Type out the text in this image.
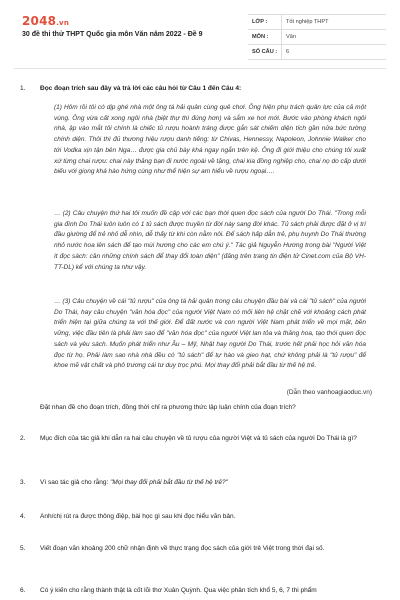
2048.vn
30 đề thi thử THPT Quốc gia môn Văn năm 2022 - Đề 9
LỚP :	Tốt nghiệp THPT
MÔN :	Văn
SỐ CÂU :	6
1.	Đọc đoạn trích sau đây và trả lời các câu hỏi từ Câu 1 đến Câu 4:
(1) Hôm rồi tôi có dịp ghé nhà một ông tá hải quân cùng quê chơi. Ông hiện phụ trách quân lực của cả một vùng. Ông vừa cất xong ngôi nhà (biệt thự thì đúng hơn) và sắm xe hơi mới. Bước vào phòng khách ngôi nhà, ập vào mắt tôi chính là chiếc tủ rượu hoành tráng được gắn sát chiếm diện tích gần nửa bức tường chính diện. Thôi thì đủ thương hiệu rượu danh tiếng: từ Chivas, Hennessy, Napoleon, Johnnie Walker cho tới Vodka xịn tận bên Nga… được gia chủ bày khá ngay ngắn trên kệ. Ông đi giới thiệu cho chúng tôi xuất xứ từng chai rượu: chai này thăng bạn đi nước ngoài về tặng, chai kia đồng nghiệp cho, chai nọ do cấp dưới biếu với giọng khá hào hứng cùng như thể hiện sự am hiểu về rượu ngoại….
… (2) Câu chuyện thứ hai tôi muốn đề cập với các bạn thời quen đọc sách của người Do Thái. "Trong mỗi gia đình Do Thái luôn luôn có 1 tủ sách được truyền từ đời này sang đời khác. Tủ sách phải được đặt ở vị trí đầu giường để trẻ nhỏ dễ nhìn, dễ thấy từ khi còn nằm nôi. Để sách hấp dẫn trẻ, phụ huynh Do Thái thường nhỏ nước hoa lên sách để tạo mùi hương cho các em chú ý." Tác giả Nguyễn Hương trong bài "Người Việt ít đọc sách: cần những chính sách để thay đổi toàn diện" (đăng trên trang tin điện tử Cinet.com của Bộ VH-TT-DL) kể với chúng ta như vậy.
… (3) Câu chuyện về cái "tủ rượu" của ông tá hải quân trong câu chuyện đầu bài và cái "tủ sách" của người Do Thái, hay câu chuyện "văn hóa đọc" của người Việt Nam có mối liên hệ chặt chẽ với khoảng cách phát triển hiện tại giữa chúng ta với thế giới. Để đất nước và con người Việt Nam phát triển về mọi mặt, bền vững, việc đầu tiên là phải làm sao để "văn hóa đọc" của người Việt lan tỏa và thăng hoa, tạo thói quen đọc sách và yêu sách. Muốn phát triển như Âu – Mỹ, Nhật hay người Do Thái, trước hết phải học hỏi văn hóa đọc từ họ. Phải làm sao nhà nhà đều có "tủ sách" để tự hào và gieo hạt, chứ không phải là "tủ rượu" để khoe mẽ vật chất và phô trương cái tư duy trọc phú. Mọi thay đổi phải bắt đầu từ thế hệ trẻ.
(Dẫn theo vanhoagiaoduc.vn)
Đặt nhan đề cho đoạn trích, đồng thời chỉ ra phương thức lập luận chính của đoạn trích?
2.	Mục đích của tác giả khi dẫn ra hai câu chuyện về tủ rượu của người Việt và tủ sách của người Do Thái là gì?
3.	Vì sao tác giả cho rằng: "Mọi thay đổi phải bắt đầu từ thế hệ trẻ?"
4.	Anh/chị rút ra được thông điệp, bài học gì sau khi đọc hiểu văn bản.
5.	Viết đoạn văn khoảng 200 chữ nhận định về thực trạng đọc sách của giới trẻ Việt trong thời đại số.
6.	Có ý kiến cho rằng thành thật là cốt lõi thơ Xuân Quỳnh. Qua việc phân tích khổ 5, 6, 7 thi phẩm
